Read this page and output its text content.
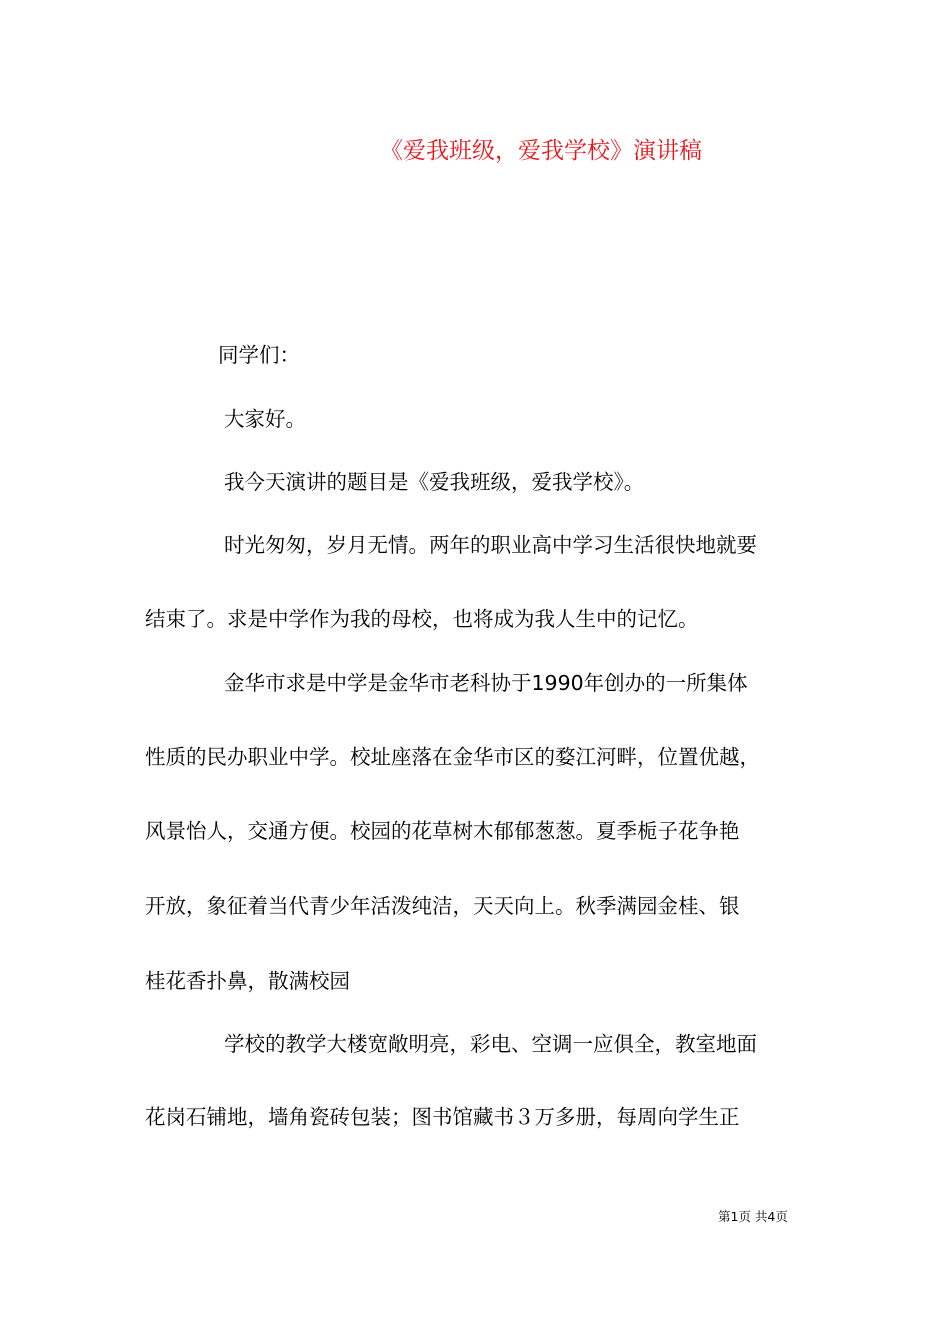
《爱我班级，爱我学校》演讲稿

同学们：

大家好。

我今天演讲的题目是《爱我班级，爱我学校》。

时光匆匆，岁月无情。两年的职业高中学习生活很快地就要

结束了。求是中学作为我的母校，也将成为我人生中的记忆。

金华市求是中学是金华市老科协于1990年创办的一所集体

性质的民办职业中学。校址座落在金华市区的婺江河畔，位置优越，

风景怡人，交通方便。校园的花草树木郁郁葱葱。夏季栀子花争艳

开放，象征着当代青少年活泼纯洁，天天向上。秋季满园金桂、银

桂花香扑鼻，散满校园

学校的教学大楼宽敞明亮，彩电、空调一应俱全，教室地面

花岗石铺地，墙角瓷砖包装；图书馆藏书３万多册，每周向学生正

第1页 共4页
